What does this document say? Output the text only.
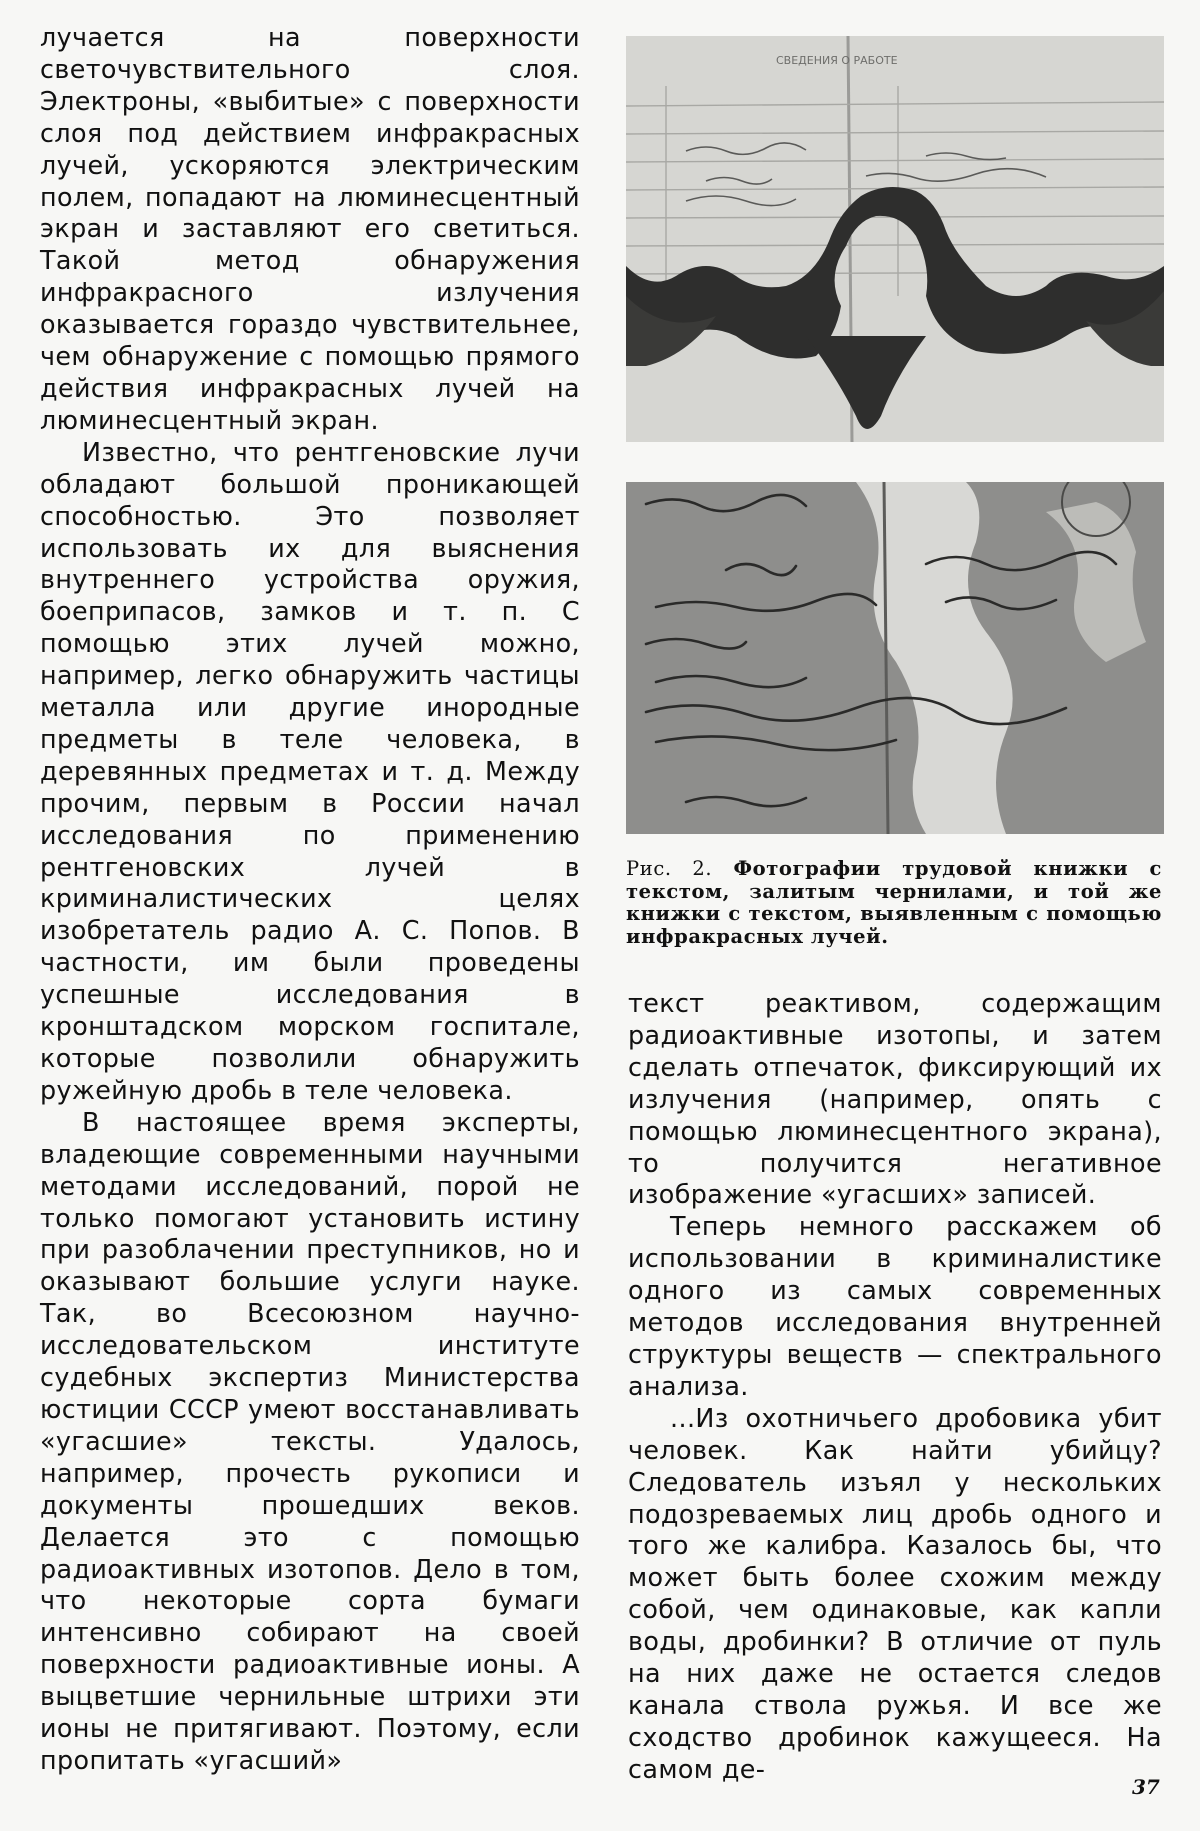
лучается на поверхности светочувствительного слоя. Электроны, «выбитые» с поверхности слоя под действием инфракрасных лучей, ускоряются электрическим полем, попадают на люминесцентный экран и заставляют его светиться. Такой метод обнаружения инфракрасного излучения оказывается гораздо чувствительнее, чем обнаружение с помощью прямого действия инфракрасных лучей на люминесцентный экран.

Известно, что рентгеновские лучи обладают большой проникающей способностью. Это позволяет использовать их для выяснения внутреннего устройства оружия, боеприпасов, замков и т. п. С помощью этих лучей можно, например, легко обнаружить частицы металла или другие инородные предметы в теле человека, в деревянных предметах и т. д. Между прочим, первым в России начал исследования по применению рентгеновских лучей в криминалистических целях изобретатель радио А. С. Попов. В частности, им были проведены успешные исследования в кронштадском морском госпитале, которые позволили обнаружить ружейную дробь в теле человека.

В настоящее время эксперты, владеющие современными научными методами исследований, порой не только помогают установить истину при разоблачении преступников, но и оказывают большие услуги науке. Так, во Всесоюзном научно-исследовательском институте судебных экспертиз Министерства юстиции СССР умеют восстанавливать «угасшие» тексты. Удалось, например, прочесть рукописи и документы прошедших веков. Делается это с помощью радиоактивных изотопов. Дело в том, что некоторые сорта бумаги интенсивно собирают на своей поверхности радиоактивные ионы. А выцветшие чернильные штрихи эти ионы не притягивают. Поэтому, если пропитать «угасший»

СВЕДЕНИЯ О РАБОТЕ
Рис. 2. Фотографии трудовой книжки с текстом, залитым чернилами, и той же книжки с текстом, выявленным с помощью инфракрасных лучей.

текст реактивом, содержащим радиоактивные изотопы, и затем сделать отпечаток, фиксирующий их излучения (например, опять с помощью люминесцентного экрана), то получится негативное изображение «угасших» записей.

Теперь немного расскажем об использовании в криминалистике одного из самых современных методов исследования внутренней структуры веществ — спектрального анализа.

...Из охотничьего дробовика убит человек. Как найти убийцу? Следователь изъял у нескольких подозреваемых лиц дробь одного и того же калибра. Казалось бы, что может быть более схожим между собой, чем одинаковые, как капли воды, дробинки? В отличие от пуль на них даже не остается следов канала ствола ружья. И все же сходство дробинок кажущееся. На самом де-

37
